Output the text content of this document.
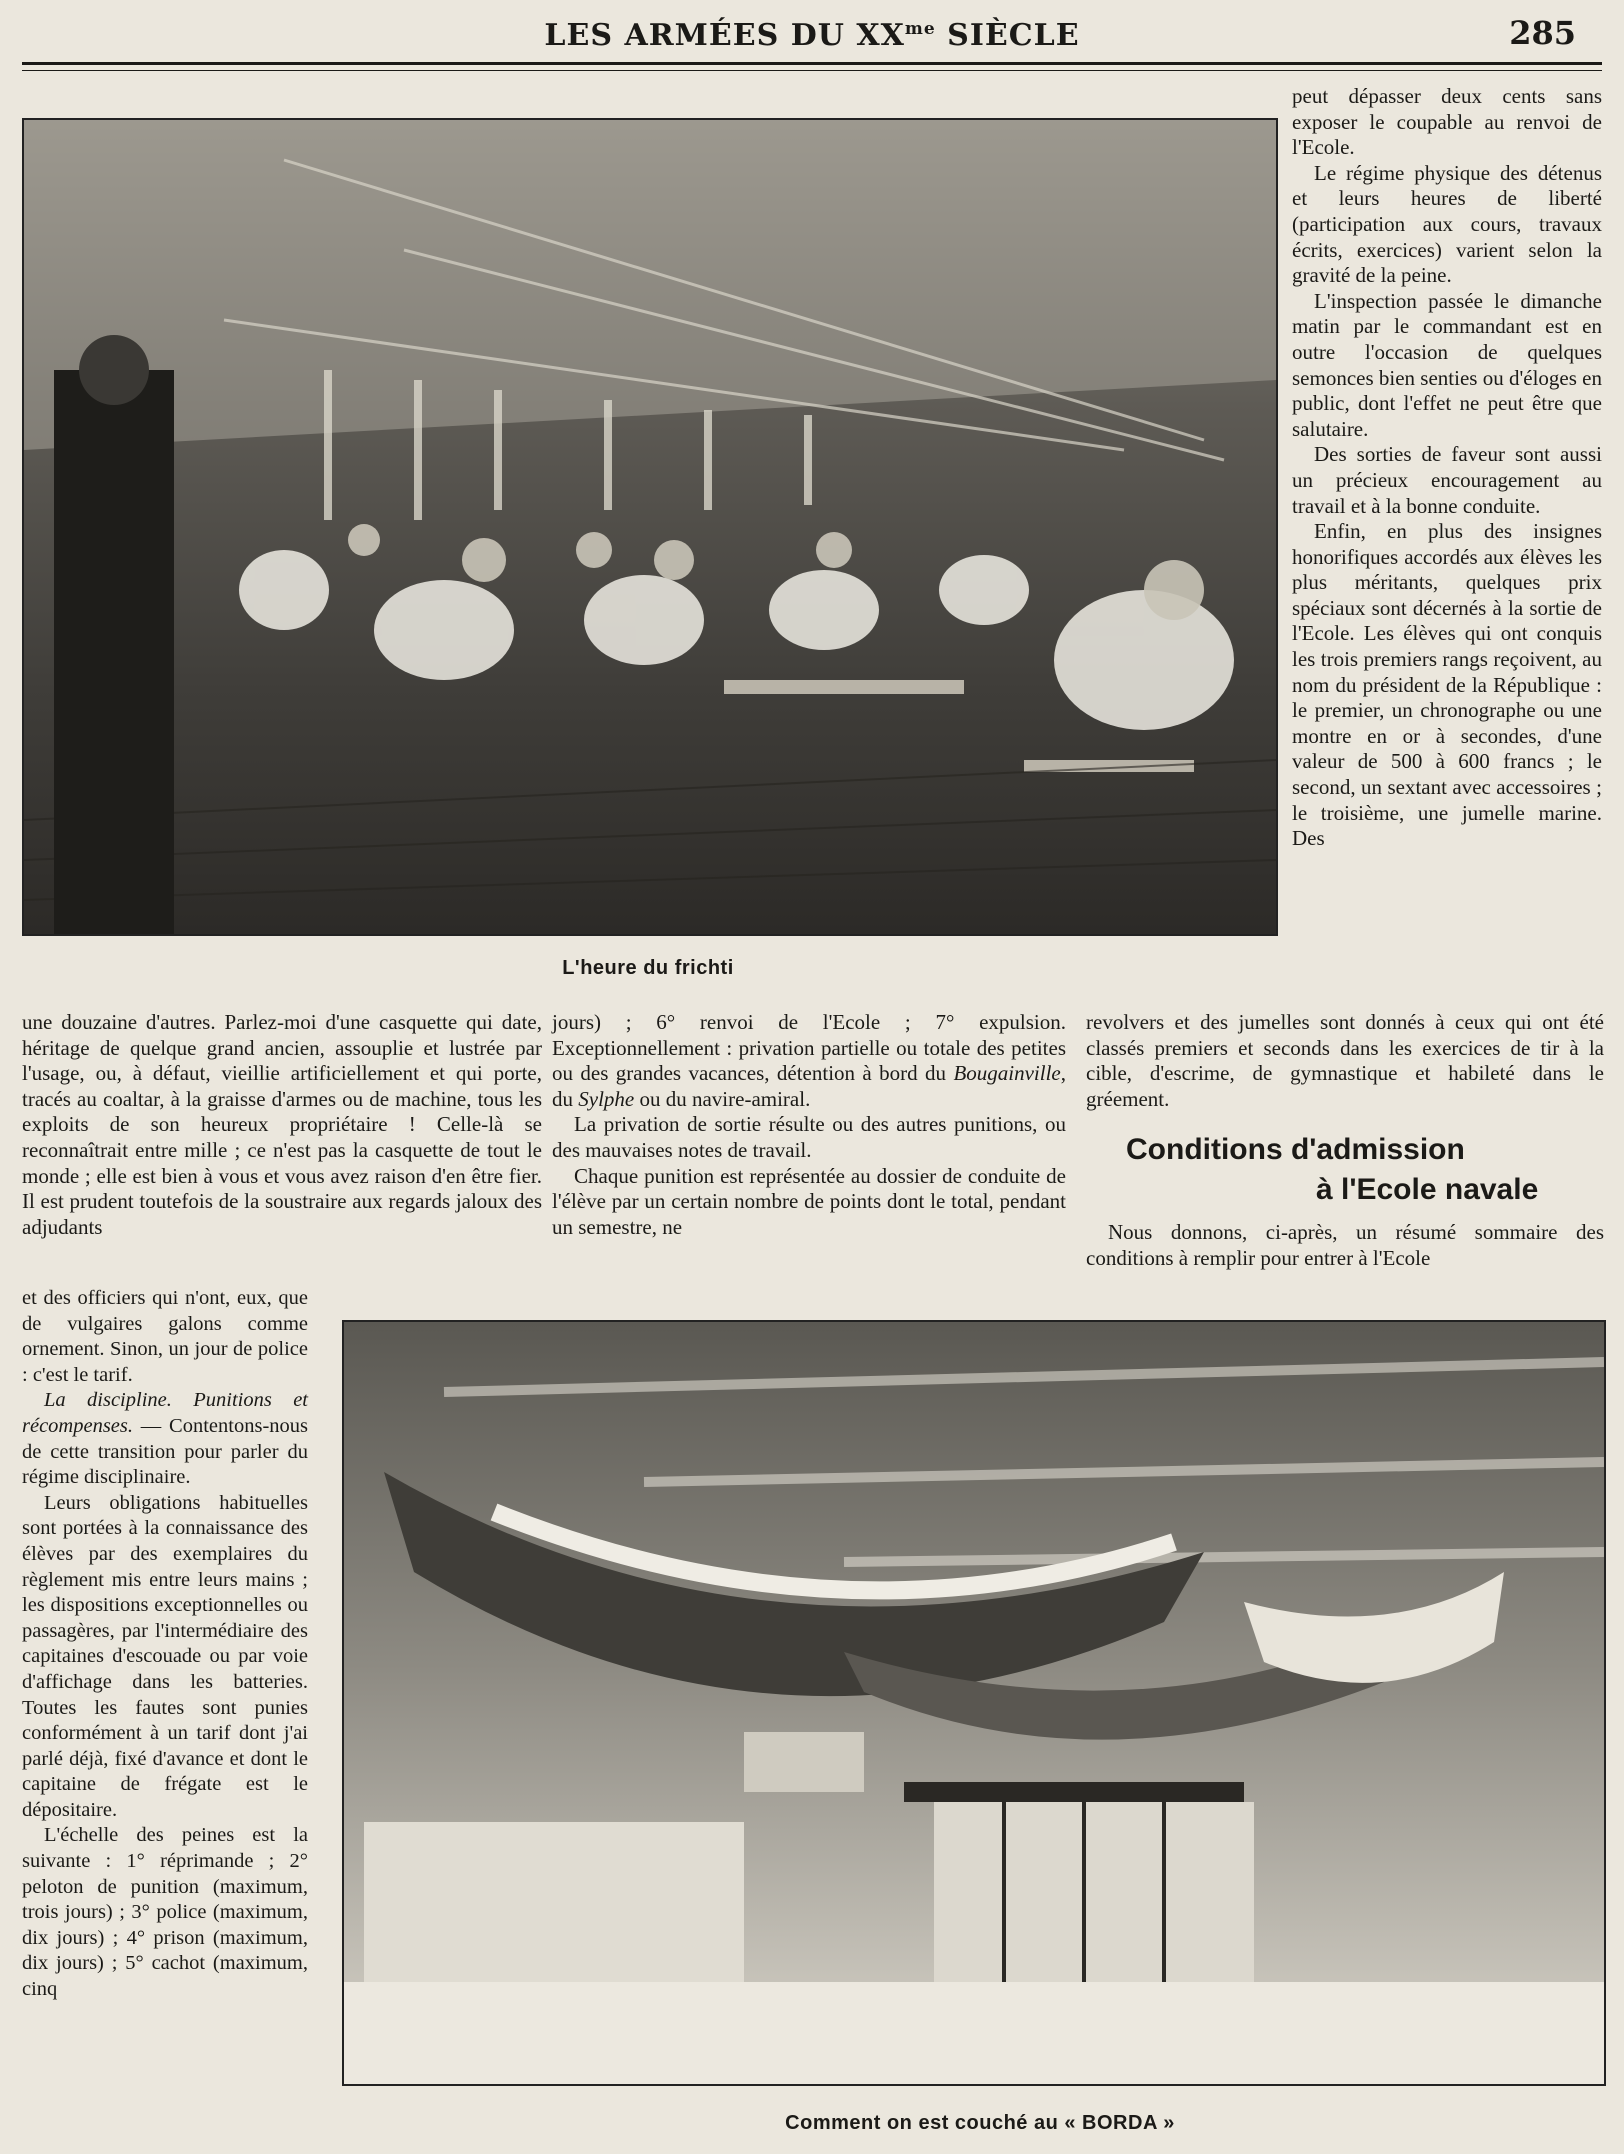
LES ARMÉES DU $XX^{me}$ SIÈCLE	285
L'heure du frichti

peut dépasser deux cents sans exposer le coupable au renvoi de l'Ecole.

Le régime physique des détenus et leurs heures de liberté (participation aux cours, travaux écrits, exercices) varient selon la gravité de la peine.

L'inspection passée le dimanche matin par le commandant est en outre l'occasion de quelques semonces bien senties ou d'éloges en public, dont l'effet ne peut être que salutaire.

Des sorties de faveur sont aussi un précieux encouragement au travail et à la bonne conduite.

Enfin, en plus des insignes honorifiques accordés aux élèves les plus méritants, quelques prix spéciaux sont décernés à la sortie de l'Ecole. Les élèves qui ont conquis les trois premiers rangs reçoivent, au nom du président de la République : le premier, un chronographe ou une montre en or à secondes, d'une valeur de 500 à 600 francs ; le second, un sextant avec accessoires ; le troisième, une jumelle marine. Des

une douzaine d'autres. Parlez-moi d'une casquette qui date, héritage de quelque grand ancien, assouplie et lustrée par l'usage, ou, à défaut, vieillie artificiellement et qui porte, tracés au coaltar, à la graisse d'armes ou de machine, tous les exploits de son heureux propriétaire ! Celle-là se reconnaîtrait entre mille ; ce n'est pas la casquette de tout le monde ; elle est bien à vous et vous avez raison d'en être fier. Il est prudent toutefois de la soustraire aux regards jaloux des adjudants

et des officiers qui n'ont, eux, que de vulgaires galons comme ornement. Sinon, un jour de police : c'est le tarif.

La discipline. Punitions et récompenses. — Contentons-nous de cette transition pour parler du régime disciplinaire.

Leurs obligations habituelles sont portées à la connaissance des élèves par des exemplaires du règlement mis entre leurs mains ; les dispositions exceptionnelles ou passagères, par l'intermédiaire des capitaines d'escouade ou par voie d'affichage dans les batteries. Toutes les fautes sont punies conformément à un tarif dont j'ai parlé déjà, fixé d'avance et dont le capitaine de frégate est le dépositaire.

L'échelle des peines est la suivante : 1° réprimande ; 2° peloton de punition (maximum, trois jours) ; 3° police (maximum, dix jours) ; 4° prison (maximum, dix jours) ; 5° cachot (maximum, cinq

jours) ; 6° renvoi de l'Ecole ; 7° expulsion. Exceptionnellement : privation partielle ou totale des petites ou des grandes vacances, détention à bord du Bougainville, du Sylphe ou du navire-amiral.

La privation de sortie résulte ou des autres punitions, ou des mauvaises notes de travail.

Chaque punition est représentée au dossier de conduite de l'élève par un certain nombre de points dont le total, pendant un semestre, ne

revolvers et des jumelles sont donnés à ceux qui ont été classés premiers et seconds dans les exercices de tir à la cible, d'escrime, de gymnastique et habileté dans le gréement.

Conditions d'admission
à l'Ecole navale

Nous donnons, ci-après, un résumé sommaire des conditions à remplir pour entrer à l'Ecole

Comment on est couché au « BORDA »
